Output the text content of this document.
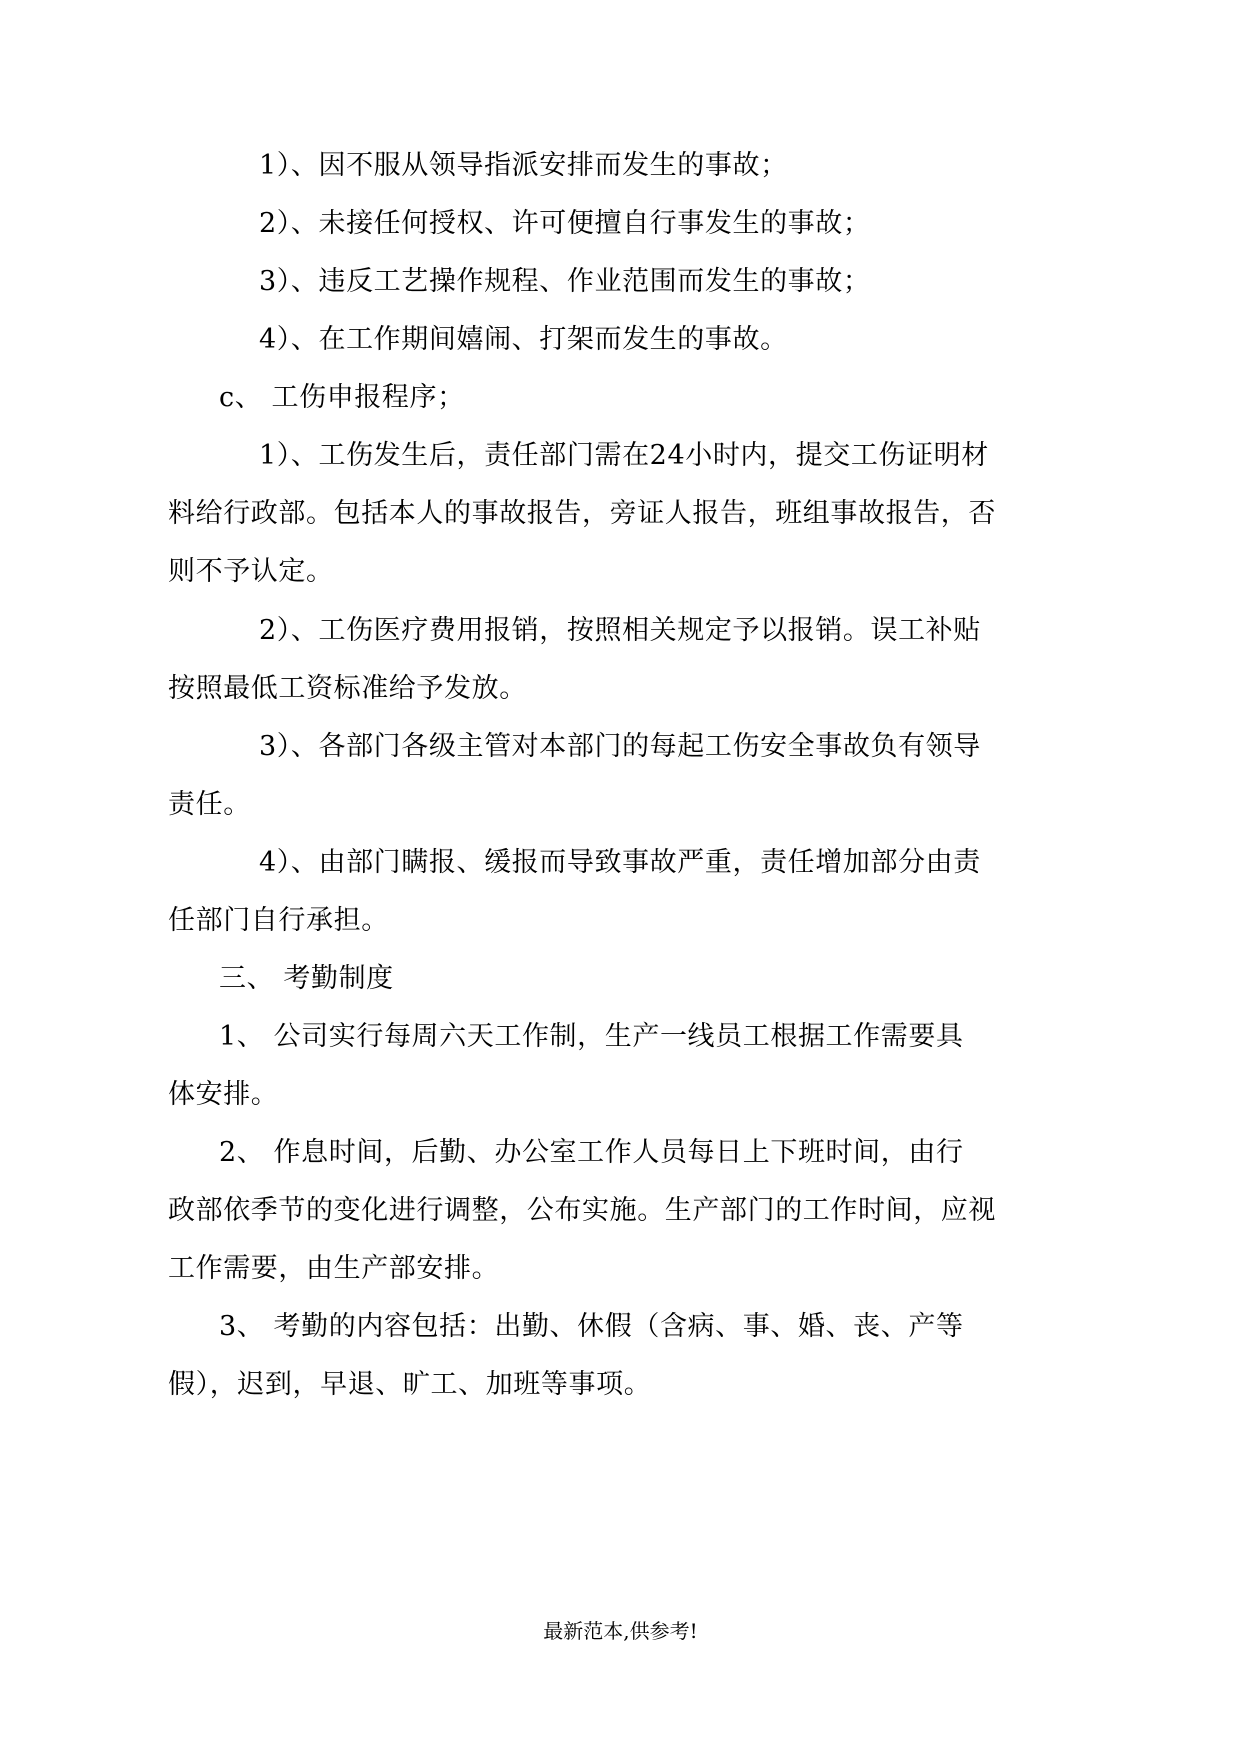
1）、因不服从领导指派安排而发生的事故；
2）、未接任何授权、许可便擅自行事发生的事故；
3）、违反工艺操作规程、作业范围而发生的事故；
4）、在工作期间嬉闹、打架而发生的事故。
c、 工伤申报程序；
1）、工伤发生后，责任部门需在24小时内，提交工伤证明材
料给行政部。包括本人的事故报告，旁证人报告，班组事故报告，否
则不予认定。
2）、工伤医疗费用报销，按照相关规定予以报销。误工补贴
按照最低工资标准给予发放。
3）、各部门各级主管对本部门的每起工伤安全事故负有领导
责任。
4）、由部门瞒报、缓报而导致事故严重，责任增加部分由责
任部门自行承担。
三、 考勤制度
1、 公司实行每周六天工作制，生产一线员工根据工作需要具
体安排。
2、 作息时间，后勤、办公室工作人员每日上下班时间，由行
政部依季节的变化进行调整，公布实施。生产部门的工作时间，应视
工作需要，由生产部安排。
3、 考勤的内容包括：出勤、休假（含病、事、婚、丧、产等
假），迟到，早退、旷工、加班等事项。
最新范本,供参考!
